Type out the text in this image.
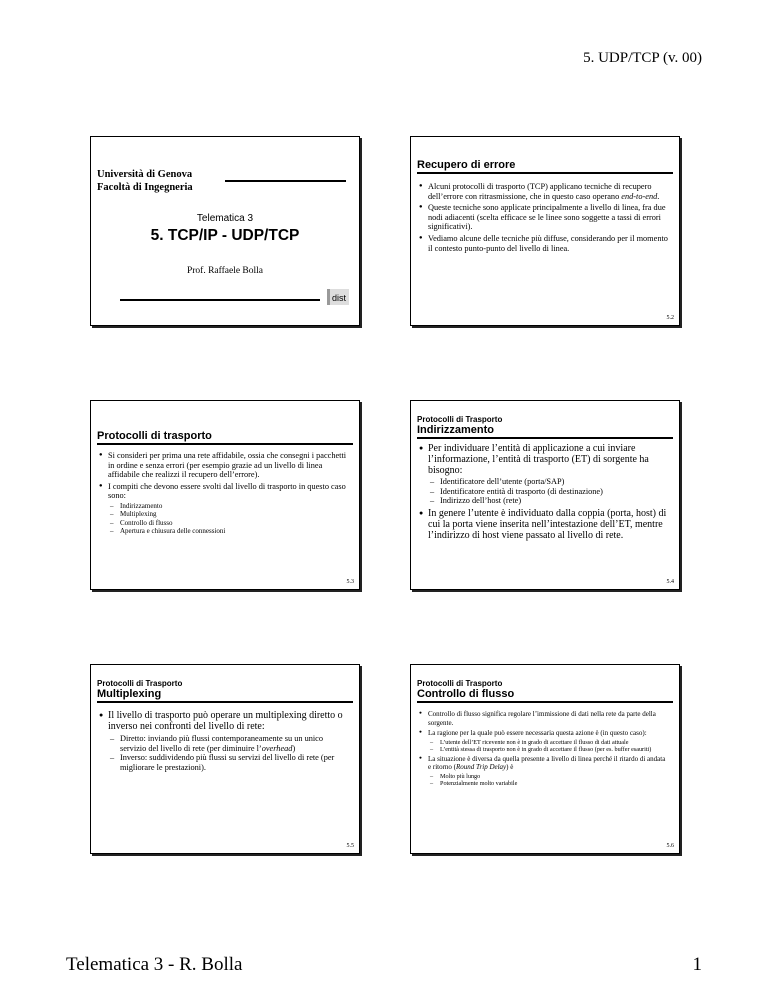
5. UDP/TCP (v. 00)
Università di Genova
Facoltà di Ingegneria
Telematica 3
5. TCP/IP - UDP/TCP
Prof. Raffaele Bolla
dist
Recupero di errore
● Alcuni protocolli di trasporto (TCP) applicano tecniche di recupero dell’errore con ritrasmissione, che in questo caso operano end-to-end.
● Queste tecniche sono applicate principalmente a livello di linea, fra due nodi adiacenti (scelta efficace se le linee sono soggette a tassi di errori significativi).
● Vediamo alcune delle tecniche più diffuse, considerando per il momento il contesto punto-punto del livello di linea.
5.2
Protocolli di trasporto
● Si consideri per prima una rete affidabile, ossia che consegni i pacchetti in ordine e senza errori (per esempio grazie ad un livello di linea affidabile che realizzi il recupero dell’errore).
● I compiti che devono essere svolti dal livello di trasporto in questo caso sono:
– Indirizzamento
– Multiplexing
– Controllo di flusso
– Apertura e chiusura delle connessioni
5.3
Protocolli di Trasporto
Indirizzamento
● Per individuare l’entità di applicazione a cui inviare l’informazione, l’entità di trasporto (ET) di sorgente ha bisogno:
– Identificatore dell’utente (porta/SAP)
– Identificatore entità di trasporto (di destinazione)
– Indirizzo dell’host (rete)
● In genere l’utente è individuato dalla coppia (porta, host) di cui la porta viene inserita nell’intestazione dell’ET, mentre l’indirizzo di host viene passato al livello di rete.
5.4
Protocolli di Trasporto
Multiplexing
● Il livello di trasporto può operare un multiplexing diretto o inverso nei confronti del livello di rete:
– Diretto: inviando più flussi contemporaneamente su un unico servizio del livello di rete (per diminuire l’overhead)
– Inverso: suddividendo più flussi su servizi del livello di rete (per migliorare le prestazioni).
5.5
Protocolli di Trasporto
Controllo di flusso
● Controllo di flusso significa regolare l’immissione di dati nella rete da parte della sorgente.
● La ragione per la quale può essere necessaria questa azione è (in questo caso):
– L’utente dell’ET ricevente non è in grado di accettare il flusso di dati attuale
– L’entità stessa di trasporto non è in grado di accettare il flusso (per es. buffer esauriti)
● La situazione è diversa da quella presente a livello di linea perché il ritardo di andata e ritorno (Round Trip Delay) è
– Molto più lungo
– Potenzialmente molto variabile
5.6
Telematica 3 - R. Bolla	1
